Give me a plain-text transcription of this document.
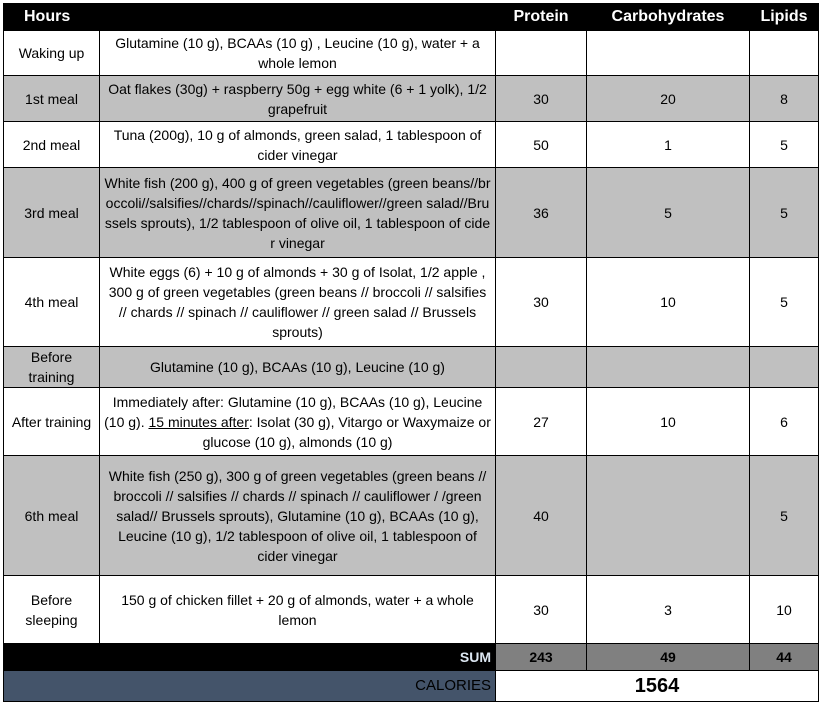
Hours		Protein	Carbohydrates	Lipids
Waking up	Glutamine (10 g), BCAAs (10 g) , Leucine (10 g), water + a whole lemon			
1st meal	Oat flakes (30g) + raspberry 50g + egg white (6 + 1 yolk), 1/2 grapefruit	30	20	8
2nd meal	Tuna (200g), 10 g of almonds, green salad, 1 tablespoon of cider vinegar	50	1	5
3rd meal	White fish (200 g), 400 g of green vegetables (green beans//broccoli//salsifies//chards//spinach//cauliflower//green salad//Brussels sprouts), 1/2 tablespoon of olive oil, 1 tablespoon of cider vinegar	36	5	5
4th meal	White eggs (6) + 10 g of almonds + 30 g of Isolat, 1/2 apple , 300 g of green vegetables (green beans // broccoli // salsifies // chards // spinach // cauliflower // green salad // Brussels sprouts)	30	10	5
Before training	Glutamine (10 g), BCAAs (10 g), Leucine (10 g)			
After training	Immediately after: Glutamine (10 g), BCAAs (10 g), Leucine (10 g). 15 minutes after: Isolat (30 g), Vitargo or Waxymaize or glucose (10 g), almonds (10 g)	27	10	6
6th meal	White fish (250 g), 300 g of green vegetables (green beans // broccoli // salsifies // chards // spinach // cauliflower / /green salad// Brussels sprouts), Glutamine (10 g), BCAAs (10 g), Leucine (10 g), 1/2 tablespoon of olive oil, 1 tablespoon of cider vinegar	40		5
Before sleeping	150 g of chicken fillet + 20 g of almonds, water + a whole lemon	30	3	10
SUM		243	49	44
CALORIES		1564		
